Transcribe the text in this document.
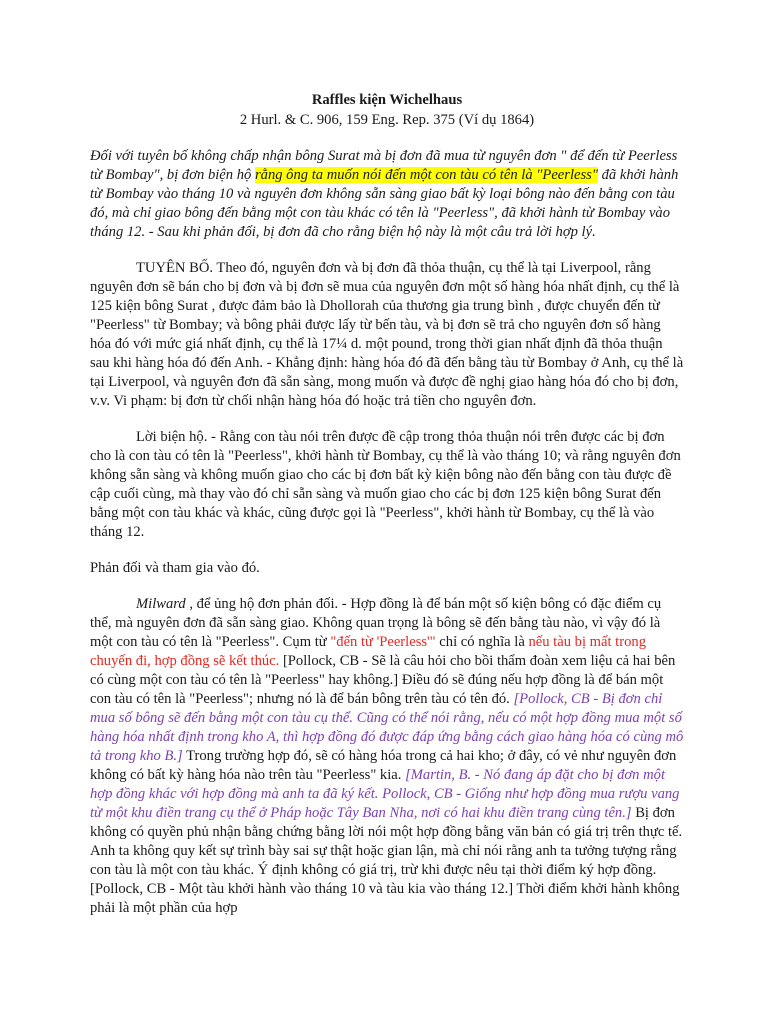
Raffles kiện Wichelhaus

2 Hurl. & C. 906, 159 Eng. Rep. 375 (Ví dụ 1864)

Đối với tuyên bố không chấp nhận bông Surat mà bị đơn đã mua từ nguyên đơn " để đến từ Peerless từ Bombay", bị đơn biện hộ rằng ông ta muốn nói đến một con tàu có tên là "Peerless" đã khởi hành từ Bombay vào tháng 10 và nguyên đơn không sẵn sàng giao bất kỳ loại bông nào đến bằng con tàu đó, mà chỉ giao bông đến bằng một con tàu khác có tên là "Peerless", đã khởi hành từ Bombay vào tháng 12. - Sau khi phản đối, bị đơn đã cho rằng biện hộ này là một câu trả lời hợp lý.

TUYÊN BỐ. Theo đó, nguyên đơn và bị đơn đã thỏa thuận, cụ thể là tại Liverpool, rằng nguyên đơn sẽ bán cho bị đơn và bị đơn sẽ mua của nguyên đơn một số hàng hóa nhất định, cụ thể là 125 kiện bông Surat , được đảm bảo là Dhollorah của thương gia trung bình , được chuyển đến từ "Peerless" từ Bombay; và bông phải được lấy từ bến tàu, và bị đơn sẽ trả cho nguyên đơn số hàng hóa đó với mức giá nhất định, cụ thể là 17¼ d. một pound, trong thời gian nhất định đã thỏa thuận sau khi hàng hóa đó đến Anh. - Khẳng định: hàng hóa đó đã đến bằng tàu từ Bombay ở Anh, cụ thể là tại Liverpool, và nguyên đơn đã sẵn sàng, mong muốn và được đề nghị giao hàng hóa đó cho bị đơn, v.v. Vi phạm: bị đơn từ chối nhận hàng hóa đó hoặc trả tiền cho nguyên đơn.

Lời biện hộ. - Rằng con tàu nói trên được đề cập trong thỏa thuận nói trên được các bị đơn cho là con tàu có tên là "Peerless", khởi hành từ Bombay, cụ thể là vào tháng 10; và rằng nguyên đơn không sẵn sàng và không muốn giao cho các bị đơn bất kỳ kiện bông nào đến bằng con tàu được đề cập cuối cùng, mà thay vào đó chỉ sẵn sàng và muốn giao cho các bị đơn 125 kiện bông Surat đến bằng một con tàu khác và khác, cũng được gọi là "Peerless", khởi hành từ Bombay, cụ thể là vào tháng 12.

Phản đối và tham gia vào đó.

Milward , để ủng hộ đơn phản đối. - Hợp đồng là để bán một số kiện bông có đặc điểm cụ thể, mà nguyên đơn đã sẵn sàng giao. Không quan trọng là bông sẽ đến bằng tàu nào, vì vậy đó là một con tàu có tên là "Peerless". Cụm từ "đến từ 'Peerless'" chỉ có nghĩa là nếu tàu bị mất trong chuyến đi, hợp đồng sẽ kết thúc. [Pollock, CB - Sẽ là câu hỏi cho bồi thẩm đoàn xem liệu cả hai bên có cùng một con tàu có tên là "Peerless" hay không.] Điều đó sẽ đúng nếu hợp đồng là để bán một con tàu có tên là "Peerless"; nhưng nó là để bán bông trên tàu có tên đó. [Pollock, CB - Bị đơn chỉ mua số bông sẽ đến bằng một con tàu cụ thể. Cũng có thể nói rằng, nếu có một hợp đồng mua một số hàng hóa nhất định trong kho A, thì hợp đồng đó được đáp ứng bằng cách giao hàng hóa có cùng mô tả trong kho B.] Trong trường hợp đó, sẽ có hàng hóa trong cả hai kho; ở đây, có vẻ như nguyên đơn không có bất kỳ hàng hóa nào trên tàu "Peerless" kia. [Martin, B. - Nó đang áp đặt cho bị đơn một hợp đồng khác với hợp đồng mà anh ta đã ký kết. Pollock, CB - Giống như hợp đồng mua rượu vang từ một khu điền trang cụ thể ở Pháp hoặc Tây Ban Nha, nơi có hai khu điền trang cùng tên.] Bị đơn không có quyền phủ nhận bằng chứng bằng lời nói một hợp đồng bằng văn bản có giá trị trên thực tế. Anh ta không quy kết sự trình bày sai sự thật hoặc gian lận, mà chỉ nói rằng anh ta tưởng tượng rằng con tàu là một con tàu khác. Ý định không có giá trị, trừ khi được nêu tại thời điểm ký hợp đồng. [Pollock, CB - Một tàu khởi hành vào tháng 10 và tàu kia vào tháng 12.] Thời điểm khởi hành không phải là một phần của hợp
